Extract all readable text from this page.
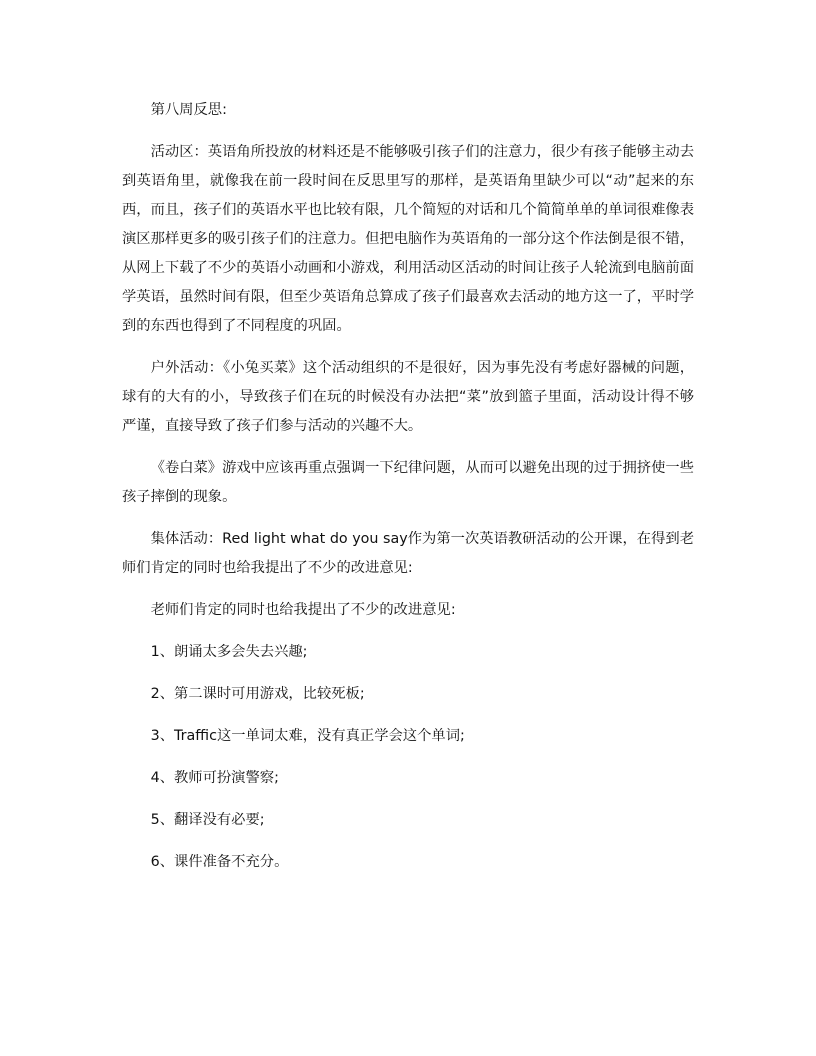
第八周反思:
活动区：英语角所投放的材料还是不能够吸引孩子们的注意力，很少有孩子能够主动去到英语角里，就像我在前一段时间在反思里写的那样，是英语角里缺少可以“动”起来的东西，而且，孩子们的英语水平也比较有限，几个简短的对话和几个简简单单的单词很难像表演区那样更多的吸引孩子们的注意力。但把电脑作为英语角的一部分这个作法倒是很不错，从网上下载了不少的英语小动画和小游戏，利用活动区活动的时间让孩子人轮流到电脑前面学英语，虽然时间有限，但至少英语角总算成了孩子们最喜欢去活动的地方这一了，平时学到的东西也得到了不同程度的巩固。
户外活动：《小兔买菜》这个活动组织的不是很好，因为事先没有考虑好器械的问题，球有的大有的小，导致孩子们在玩的时候没有办法把“菜”放到篮子里面，活动设计得不够严谨，直接导致了孩子们参与活动的兴趣不大。
《卷白菜》游戏中应该再重点强调一下纪律问题，从而可以避免出现的过于拥挤使一些孩子摔倒的现象。
集体活动：Red light what do you say作为第一次英语教研活动的公开课，在得到老师们肯定的同时也给我提出了不少的改进意见:
老师们肯定的同时也给我提出了不少的改进意见:
1、朗诵太多会失去兴趣;
2、第二课时可用游戏，比较死板;
3、Traffic这一单词太难，没有真正学会这个单词;
4、教师可扮演警察;
5、翻译没有必要;
6、课件准备不充分。
